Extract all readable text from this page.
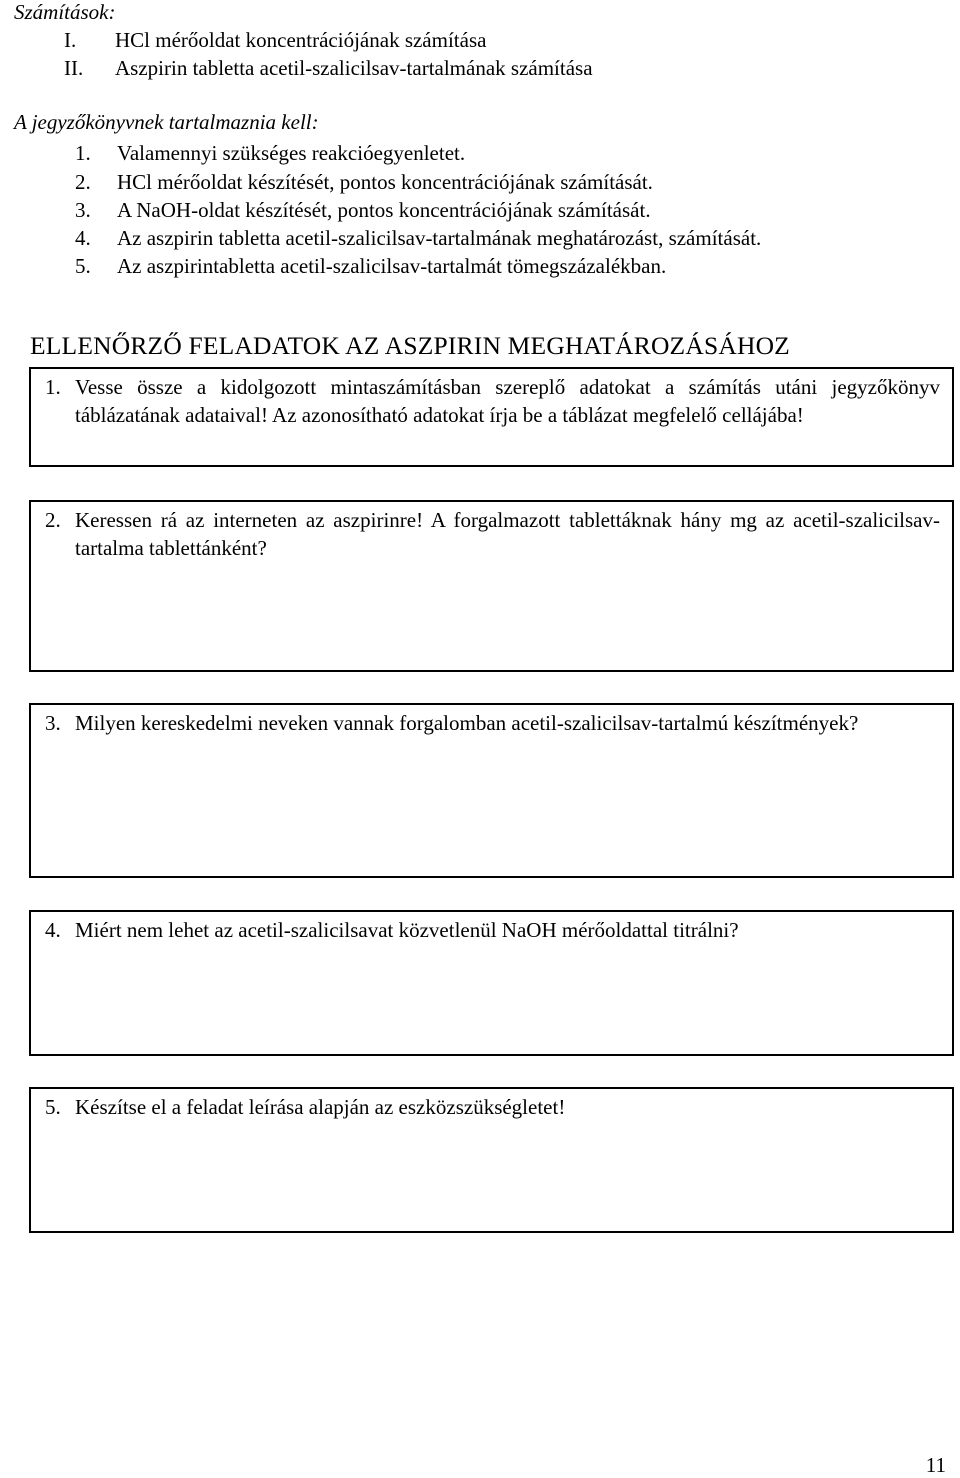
Számítások:
I. HCl mérőoldat koncentrációjának számítása
II. Aszpirin tabletta acetil-szalicilsav-tartalmának számítása
A jegyzőkönyvnek tartalmaznia kell:
1. Valamennyi szükséges reakcióegyenletet.
2. HCl mérőoldat készítését, pontos koncentrációjának számítását.
3. A NaOH-oldat készítését, pontos koncentrációjának számítását.
4. Az aszpirin tabletta acetil-szalicilsav-tartalmának meghatározást, számítását.
5. Az aszpirintabletta acetil-szalicilsav-tartalmát tömegszázalékban.
ELLENŐRZŐ FELADATOK AZ ASZPIRIN MEGHATÁROZÁSÁHOZ
1. Vesse össze a kidolgozott mintaszámításban szereplő adatokat a számítás utáni jegyzőkönyv táblázatának adataival! Az azonosítható adatokat írja be a táblázat megfelelő cellájába!
2. Keressen rá az interneten az aszpirinre! A forgalmazott tablettáknak hány mg az acetil-szalicilsav-tartalma tablettánként?
3. Milyen kereskedelmi neveken vannak forgalomban acetil-szalicilsav-tartalmú készítmények?
4. Miért nem lehet az acetil-szalicilsavat közvetlenül NaOH mérőoldattal titrálni?
5. Készítse el a feladat leírása alapján az eszközszükségletet!
11
